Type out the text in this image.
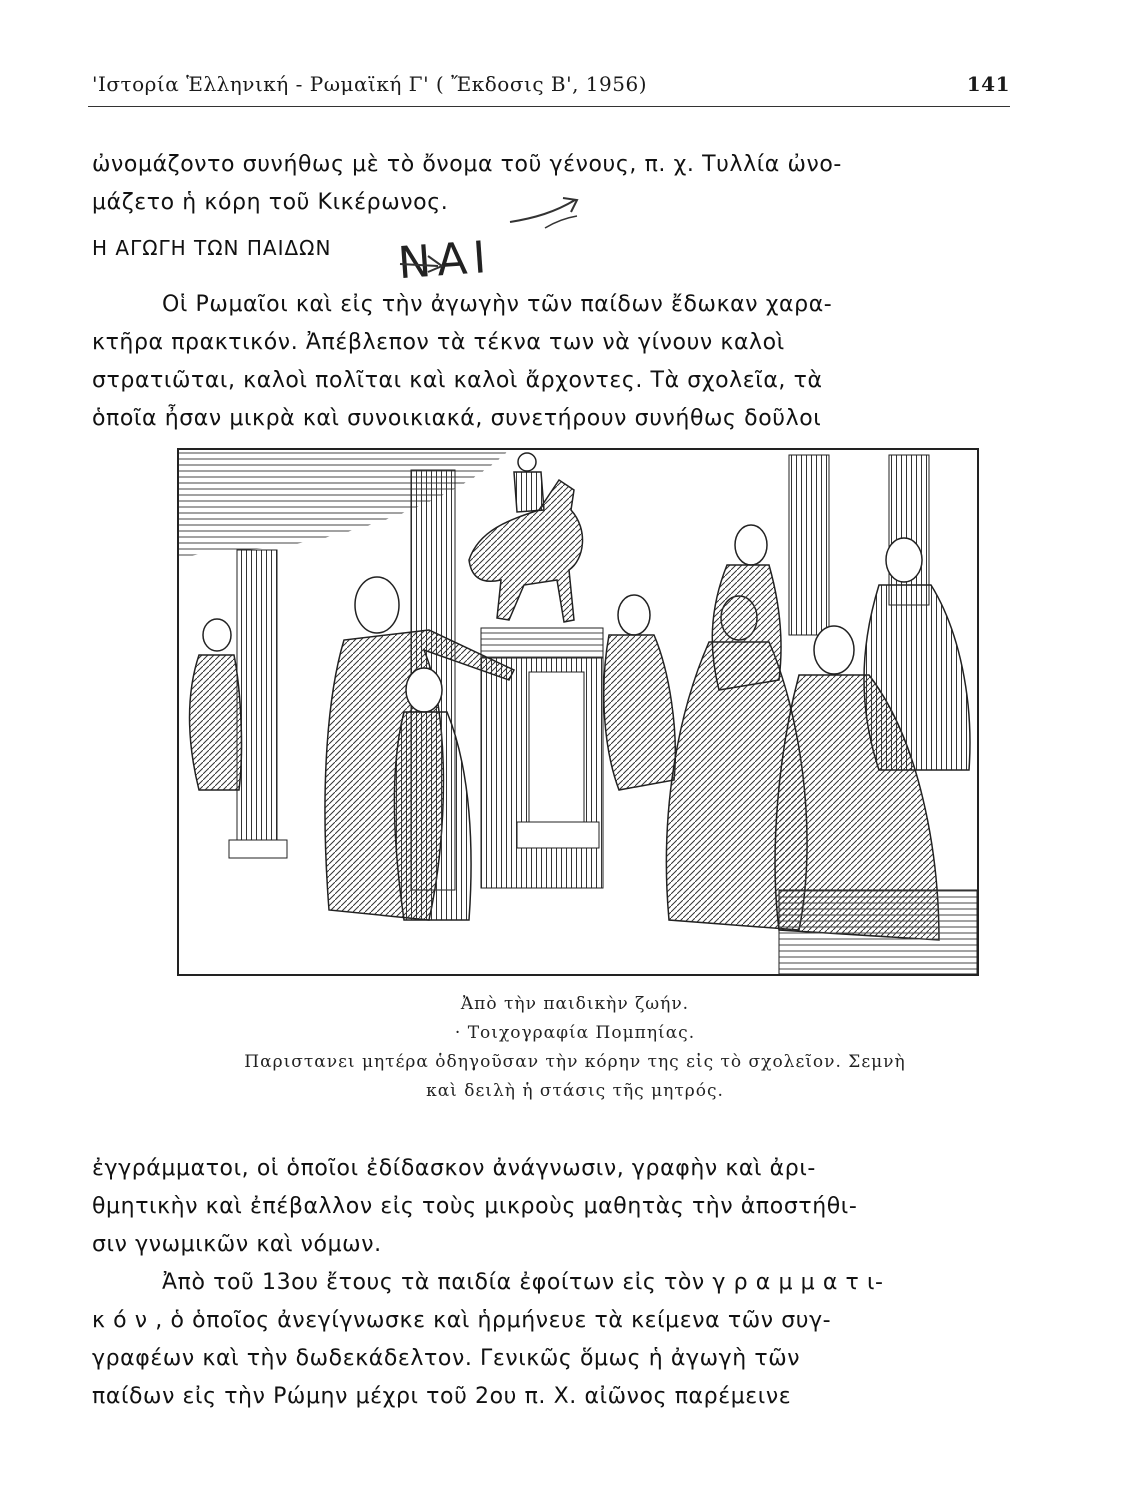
'Ιστορία Ἑλληνική - Ρωμαϊκή Γ' ( Ἔκδοσις Β', 1956)	141
ὠνομάζοντο συνήθως μὲ τὸ ὄνομα τοῦ γένους, π. χ. Τυλλία ὠνο-
μάζετο ἡ κόρη τοῦ Κικέρωνος.
Η ΑΓΩΓΗ ΤΩΝ ΠΑΙΔΩΝ ΝΑΙ
Οἱ Ρωμαῖοι καὶ εἰς τὴν ἀγωγὴν τῶν παίδων ἔδωκαν χαρα-
κτῆρα πρακτικόν. Ἀπέβλεπον τὰ τέκνα των νὰ γίνουν καλοὶ
στρατιῶται, καλοὶ πολῖται καὶ καλοὶ ἄρχοντες. Τὰ σχολεῖα, τὰ
ὁποῖα ἦσαν μικρὰ καὶ συνοικιακά, συνετήρουν συνήθως δοῦλοι
Ἀπὸ τὴν παιδικὴν ζωήν.
· Τοιχογραφία Πομπηίας.
Παριστανει μητέρα ὁδηγοῦσαν τὴν κόρην της εἰς τὸ σχολεῖον. Σεμνὴ
καὶ δειλὴ ἡ στάσις τῆς μητρός.
ἐγγράμματοι, οἱ ὁποῖοι ἐδίδασκον ἀνάγνωσιν, γραφὴν καὶ ἀρι-
θμητικὴν καὶ ἐπέβαλλον εἰς τοὺς μικροὺς μαθητὰς τὴν ἀποστήθι-
σιν γνωμικῶν καὶ νόμων.
Ἀπὸ τοῦ 13ου ἔτους τὰ παιδία ἐφοίτων εἰς τὸν γ ρ α μ μ α τ ι-
κ ό ν , ὁ ὁποῖος ἀνεγίγνωσκε καὶ ἡρμήνευε τὰ κείμενα τῶν συγ-
γραφέων καὶ τὴν δωδεκάδελτον. Γενικῶς ὅμως ἡ ἀγωγὴ τῶν
παίδων εἰς τὴν Ρώμην μέχρι τοῦ 2ου π. Χ. αἰῶνος παρέμεινε
